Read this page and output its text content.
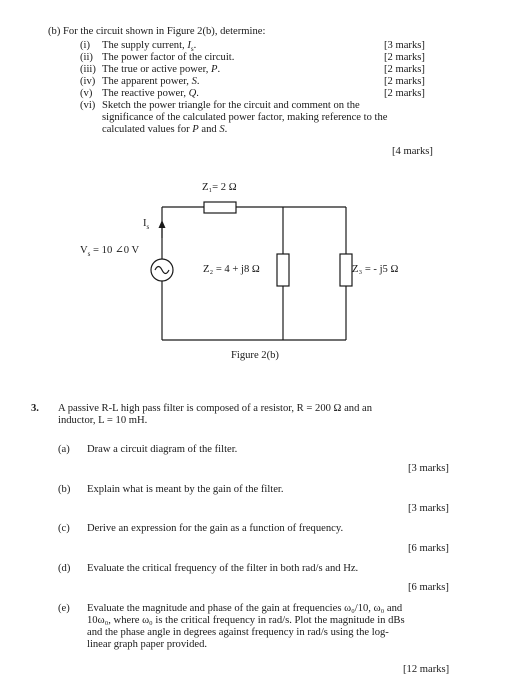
(b) For the circuit shown in Figure 2(b), determine:
(i) The supply current, $I_s$.	[3 marks]
(ii) The power factor of the circuit.	[2 marks]
(iii) The true or active power, P.	[2 marks]
(iv) The apparent power, S.	[2 marks]
(v) The reactive power, Q.	[2 marks]
(vi) Sketch the power triangle for the circuit and comment on the
significance of the calculated power factor, making reference to the
calculated values for P and S.
[4 marks]
Z₁= 2 Ω
$I_s$
$V_s = 10$ ∠0 V
Z₂ = 4 + j8 Ω	Z₃ = - j5 Ω
Figure 2(b)
3. A passive R-L high pass filter is composed of a resistor, R = 200 Ω and an
inductor, L = 10 mH.
(a) Draw a circuit diagram of the filter.
[3 marks]
(b) Explain what is meant by the gain of the filter.
[3 marks]
(c) Derive an expression for the gain as a function of frequency.
[6 marks]
(d) Evaluate the critical frequency of the filter in both rad/s and Hz.
[6 marks]
(e) Evaluate the magnitude and phase of the gain at frequencies ω₀/10, ω₀ and
10ω₀, where ω₀ is the critical frequency in rad/s. Plot the magnitude in dBs
and the phase angle in degrees against frequency in rad/s using the log-
linear graph paper provided.
[12 marks]
